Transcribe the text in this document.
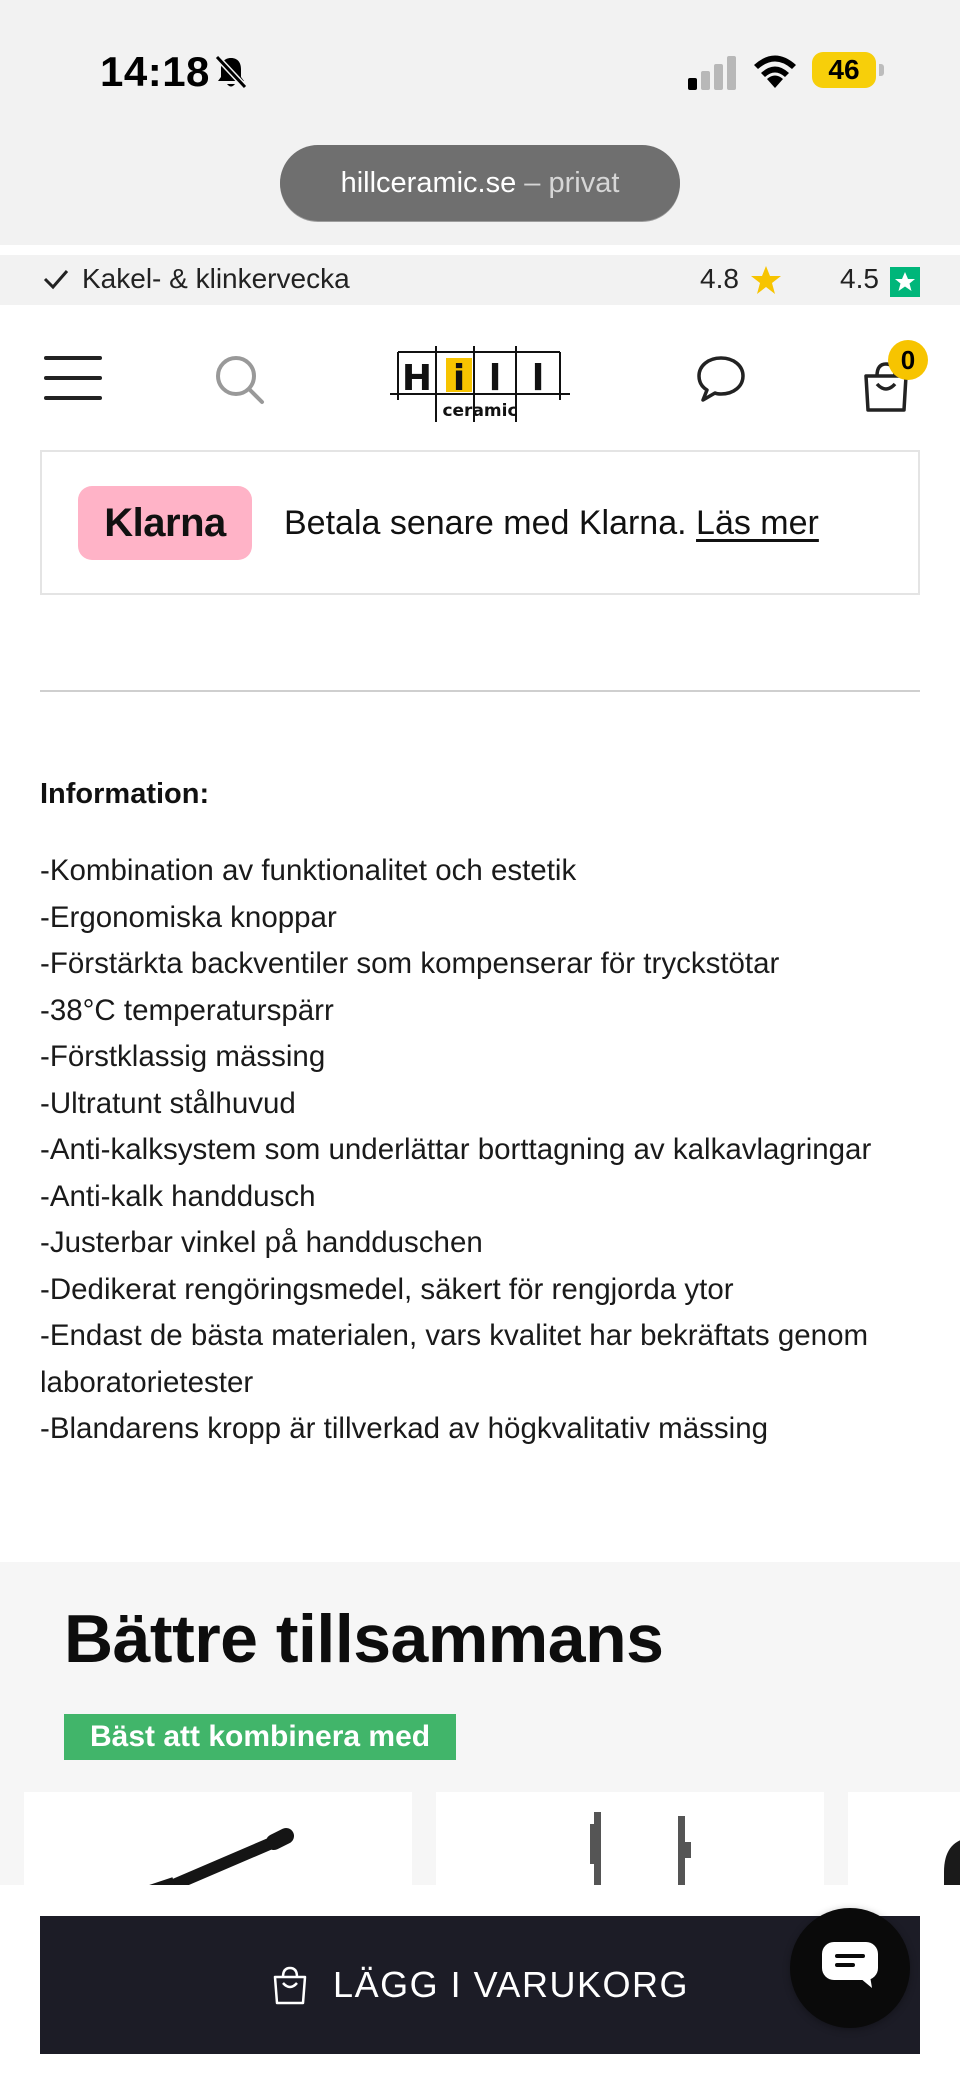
14:18	46
hillceramic.se – privat
Kakel- & klinkervecka	4.8	4.5
H i l l
ceramic
0
Klarna	Betala senare med Klarna. Läs mer
Information:
-Kombination av funktionalitet och estetik
-Ergonomiska knoppar
-Förstärkta backventiler som kompenserar för tryckstötar
-38°C temperaturspärr
-Förstklassig mässing
-Ultratunt stålhuvud
-Anti-kalksystem som underlättar borttagning av kalkavlagringar
-Anti-kalk handdusch
-Justerbar vinkel på handduschen
-Dedikerat rengöringsmedel, säkert för rengjorda ytor
-Endast de bästa materialen, vars kvalitet har bekräftats genom laboratorietester
-Blandarens kropp är tillverkad av högkvalitativ mässing
Bättre tillsammans
Bäst att kombinera med
LÄGG I VARUKORG
